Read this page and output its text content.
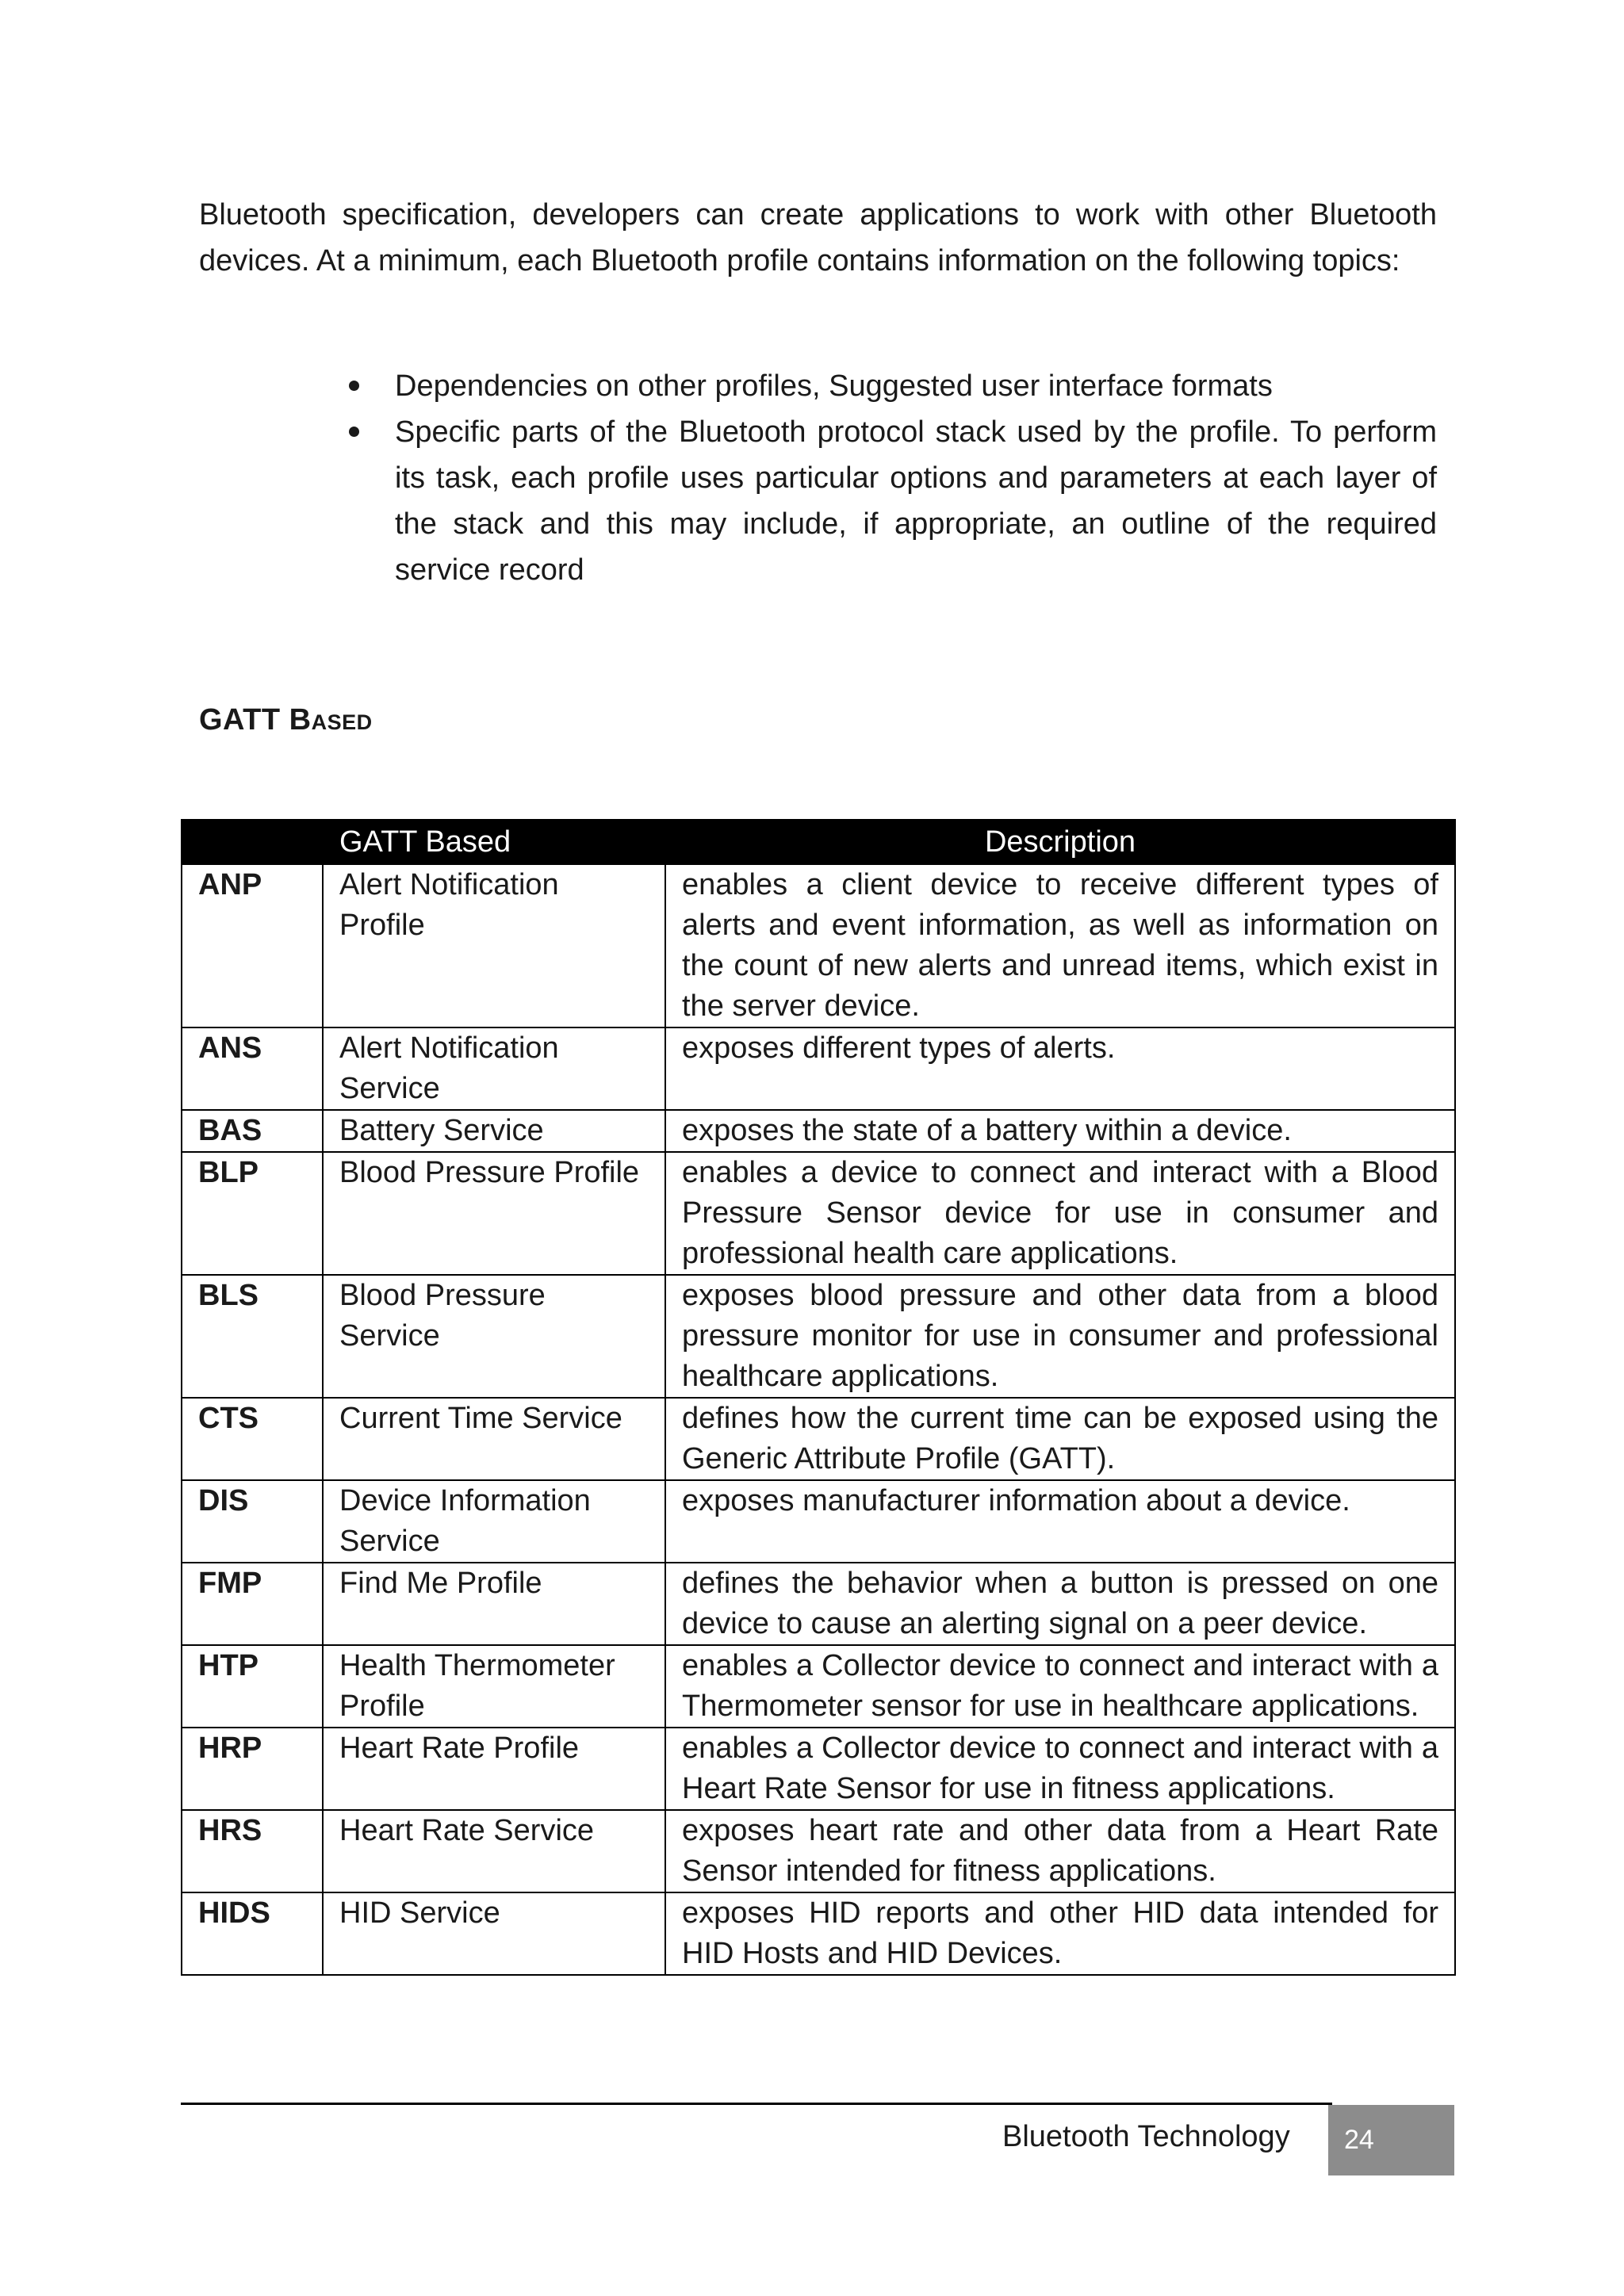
Bluetooth specification, developers can create applications to work with other Bluetooth devices. At a minimum, each Bluetooth profile contains information on the following topics:

Dependencies on other profiles, Suggested user interface formats
Specific parts of the Bluetooth protocol stack used by the profile. To perform its task, each profile uses particular options and parameters at each layer of the stack and this may include, if appropriate, an outline of the required service record
GATT Based
	GATT Based	Description
ANP	Alert Notification Profile	enables a client device to receive different types of alerts and event information, as well as information on the count of new alerts and unread items, which exist in the server device.
ANS	Alert Notification Service	exposes different types of alerts.
BAS	Battery Service	exposes the state of a battery within a device.
BLP	Blood Pressure Profile	enables a device to connect and interact with a Blood Pressure Sensor device for use in consumer and professional health care applications.
BLS	Blood Pressure Service	exposes blood pressure and other data from a blood pressure monitor for use in consumer and professional healthcare applications.
CTS	Current Time Service	defines how the current time can be exposed using the Generic Attribute Profile (GATT).
DIS	Device Information Service	exposes manufacturer information about a device.
FMP	Find Me Profile	defines the behavior when a button is pressed on one device to cause an alerting signal on a peer device.
HTP	Health Thermometer Profile	enables a Collector device to connect and interact with a Thermometer sensor for use in healthcare applications.
HRP	Heart Rate Profile	enables a Collector device to connect and interact with a Heart Rate Sensor for use in fitness applications.
HRS	Heart Rate Service	exposes heart rate and other data from a Heart Rate Sensor intended for fitness applications.
HIDS	HID Service	exposes HID reports and other HID data intended for HID Hosts and HID Devices.

Bluetooth Technology	24
